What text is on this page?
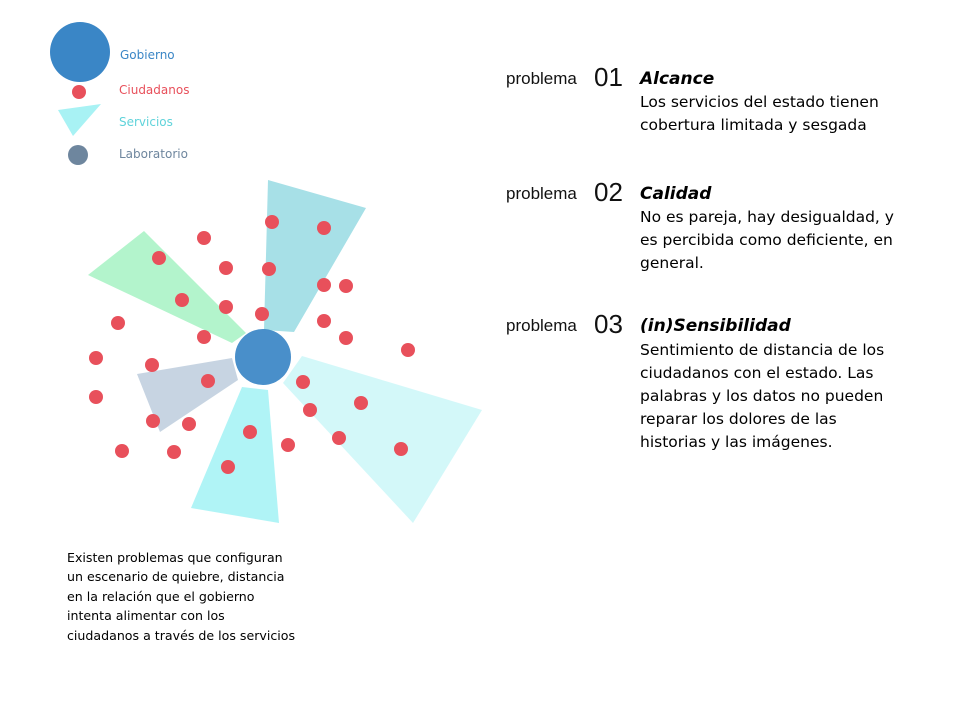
Gobierno
Ciudadanos
Servicios
Laboratorio
problema 01 Alcance
Los servicios del estado tienen cobertura limitada y sesgada
problema 02 Calidad
No es pareja, hay desigualdad, y es percibida como deficiente, en general.
problema 03 (in)Sensibilidad
Sentimiento de distancia de los ciudadanos con el estado. Las palabras y los datos no pueden reparar los dolores de las historias y las imágenes.
Existen problemas que configuran un escenario de quiebre, distancia en la relación que el gobierno intenta alimentar con los ciudadanos a través de los servicios
